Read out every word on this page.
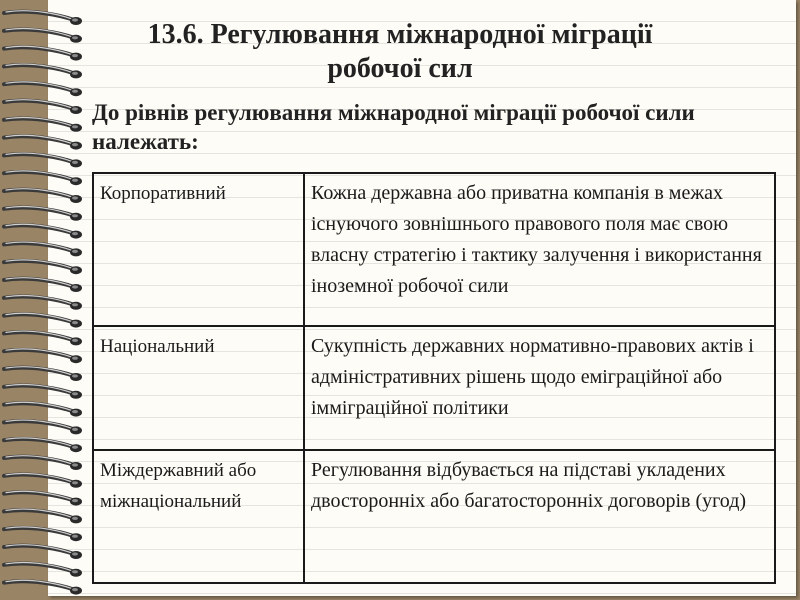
13.6. Регулювання міжнародної міграції
робочої сил
До рівнів регулювання міжнародної міграції робочої сили належать:
Корпоративний	Кожна державна або приватна компанія в межах існуючого зовнішнього правового поля має свою власну стратегію і тактику залучення і використання іноземної робочої сили
Національний	Сукупність державних нормативно-правових актів і адміністративних рішень щодо еміграційної або імміграційної політики
Міждержавний або міжнаціональний	Регулювання відбувається на підставі укладених двосторонніх або багатосторонніх договорів (угод)
